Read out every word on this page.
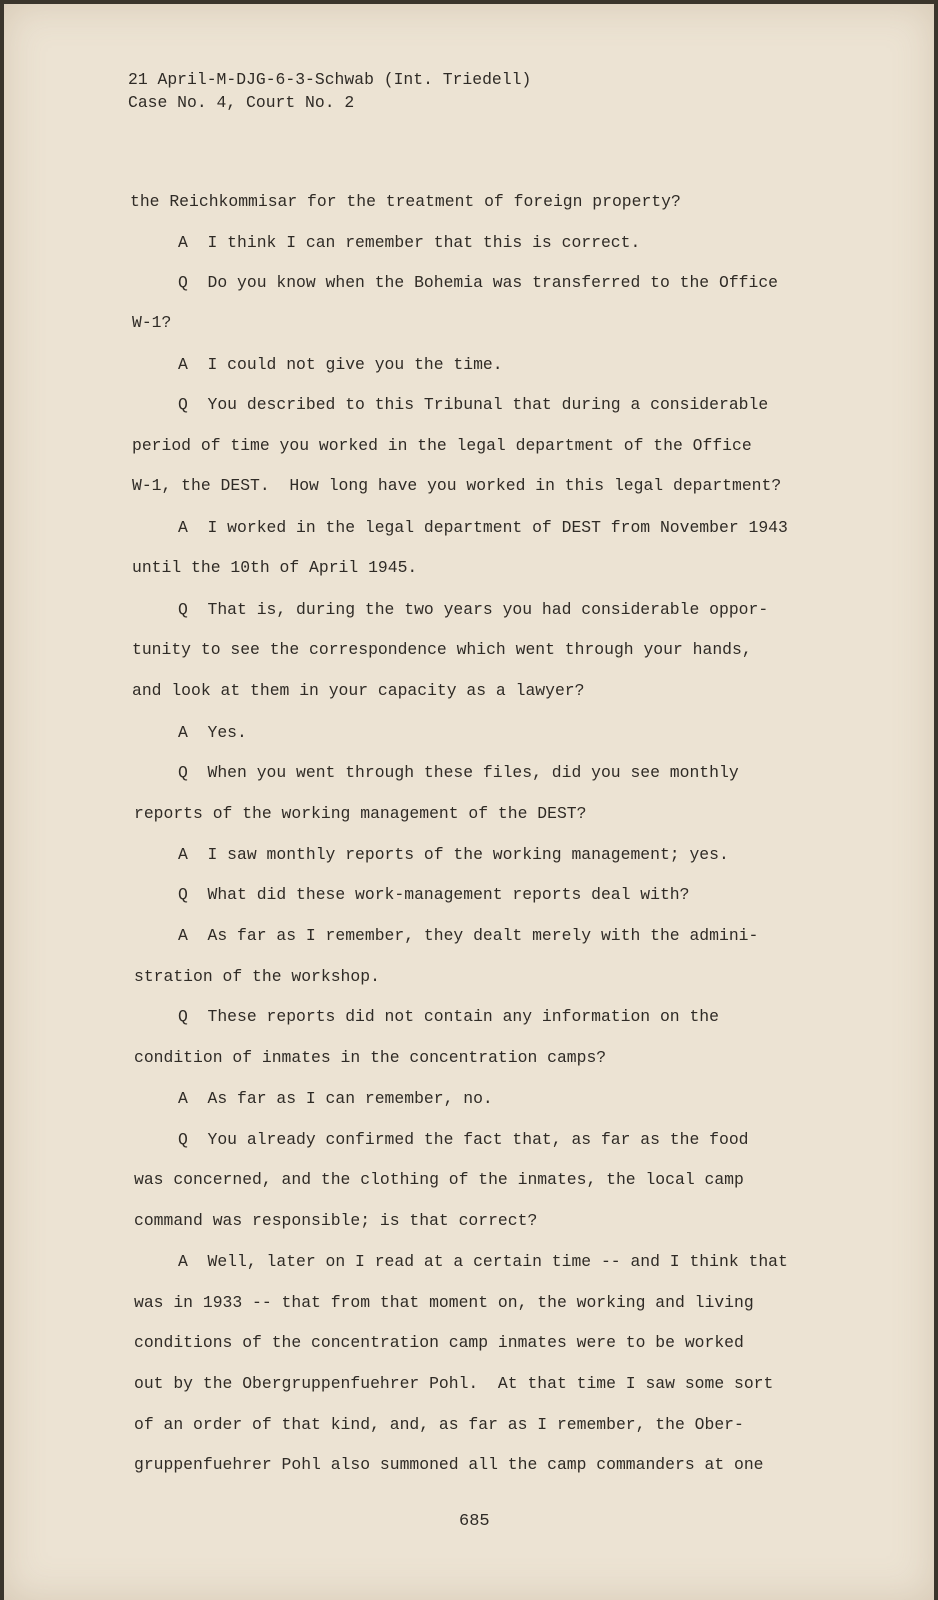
21 April-M-DJG-6-3-Schwab (Int. Triedell)
Case No. 4, Court No. 2
the Reichkommisar for the treatment of foreign property?
A  I think I can remember that this is correct.
Q  Do you know when the Bohemia was transferred to the Office
W-1?
A  I could not give you the time.
Q  You described to this Tribunal that during a considerable
period of time you worked in the legal department of the Office
W-1, the DEST.  How long have you worked in this legal department?
A  I worked in the legal department of DEST from November 1943
until the 10th of April 1945.
Q  That is, during the two years you had considerable oppor-
tunity to see the correspondence which went through your hands,
and look at them in your capacity as a lawyer?
A  Yes.
Q  When you went through these files, did you see monthly
reports of the working management of the DEST?
A  I saw monthly reports of the working management; yes.
Q  What did these work-management reports deal with?
A  As far as I remember, they dealt merely with the admini-
stration of the workshop.
Q  These reports did not contain any information on the
condition of inmates in the concentration camps?
A  As far as I can remember, no.
Q  You already confirmed the fact that, as far as the food
was concerned, and the clothing of the inmates, the local camp
command was responsible; is that correct?
A  Well, later on I read at a certain time -- and I think that
was in 1933 -- that from that moment on, the working and living
conditions of the concentration camp inmates were to be worked
out by the Obergruppenfuehrer Pohl.  At that time I saw some sort
of an order of that kind, and, as far as I remember, the Ober-
gruppenfuehrer Pohl also summoned all the camp commanders at one
685
